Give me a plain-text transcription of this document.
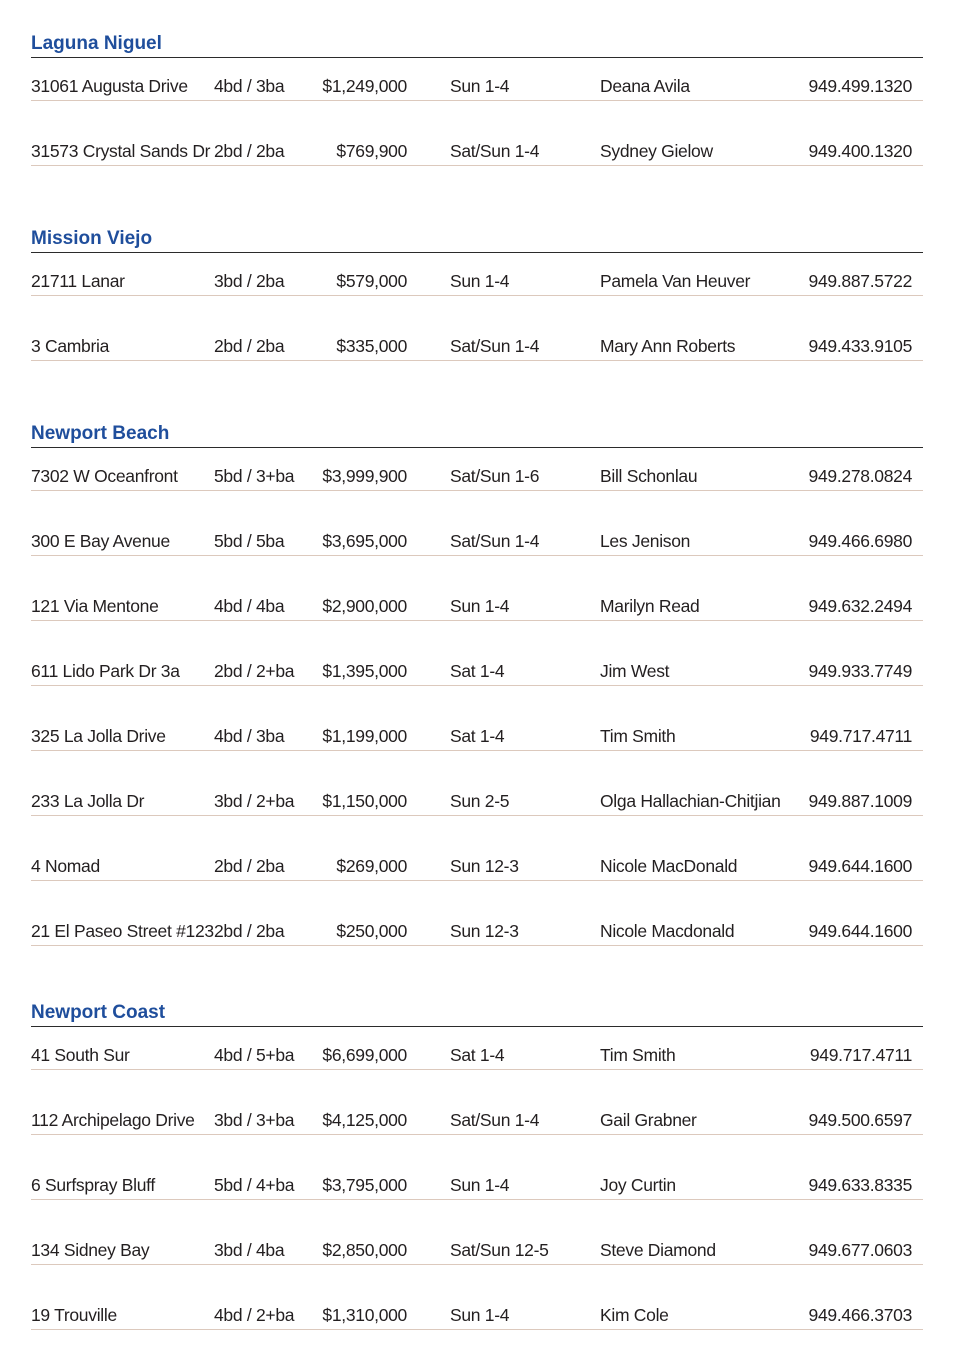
Laguna Niguel
31061 Augusta Drive 4bd / 3ba	$1,249,000 Sun 1-4	Deana Avila	949.499.1320
31573 Crystal Sands Dr 2bd / 2ba	$769,900 Sat/Sun 1-4	Sydney Gielow	949.400.1320
Mission Viejo
21711 Lanar	3bd / 2ba	$579,000 Sun 1-4	Pamela Van Heuver	949.887.5722
3 Cambria	2bd / 2ba	$335,000 Sat/Sun 1-4	Mary Ann Roberts	949.433.9105
Newport Beach
7302 W Oceanfront 5bd / 3+ba	$3,999,900 Sat/Sun 1-6	Bill Schonlau	949.278.0824
300 E Bay Avenue	5bd / 5ba	$3,695,000 Sat/Sun 1-4	Les Jenison	949.466.6980
121 Via Mentone	4bd / 4ba	$2,900,000 Sun 1-4	Marilyn Read	949.632.2494
611 Lido Park Dr 3a 2bd / 2+ba	$1,395,000 Sat 1-4	Jim West	949.933.7749
325 La Jolla Drive	4bd / 3ba	$1,199,000 Sat 1-4	Tim Smith	949.717.4711
233 La Jolla Dr	3bd / 2+ba	$1,150,000 Sun 2-5	Olga Hallachian-Chitjian 949.887.1009
4 Nomad	2bd / 2ba	$269,000 Sun 12-3	Nicole MacDonald	949.644.1600
21 El Paseo Street #123 2bd / 2ba	$250,000 Sun 12-3	Nicole Macdonald	949.644.1600
Newport Coast
41 South Sur	4bd / 5+ba	$6,699,000 Sat 1-4	Tim Smith	949.717.4711
112 Archipelago Drive 3bd / 3+ba	$4,125,000 Sat/Sun 1-4	Gail Grabner	949.500.6597
6 Surfspray Bluff	5bd / 4+ba	$3,795,000 Sun 1-4	Joy Curtin	949.633.8335
134 Sidney Bay	3bd / 4ba	$2,850,000 Sat/Sun 12-5	Steve Diamond	949.677.0603
19 Trouville	4bd / 2+ba	$1,310,000 Sun 1-4	Kim Cole	949.466.3703
